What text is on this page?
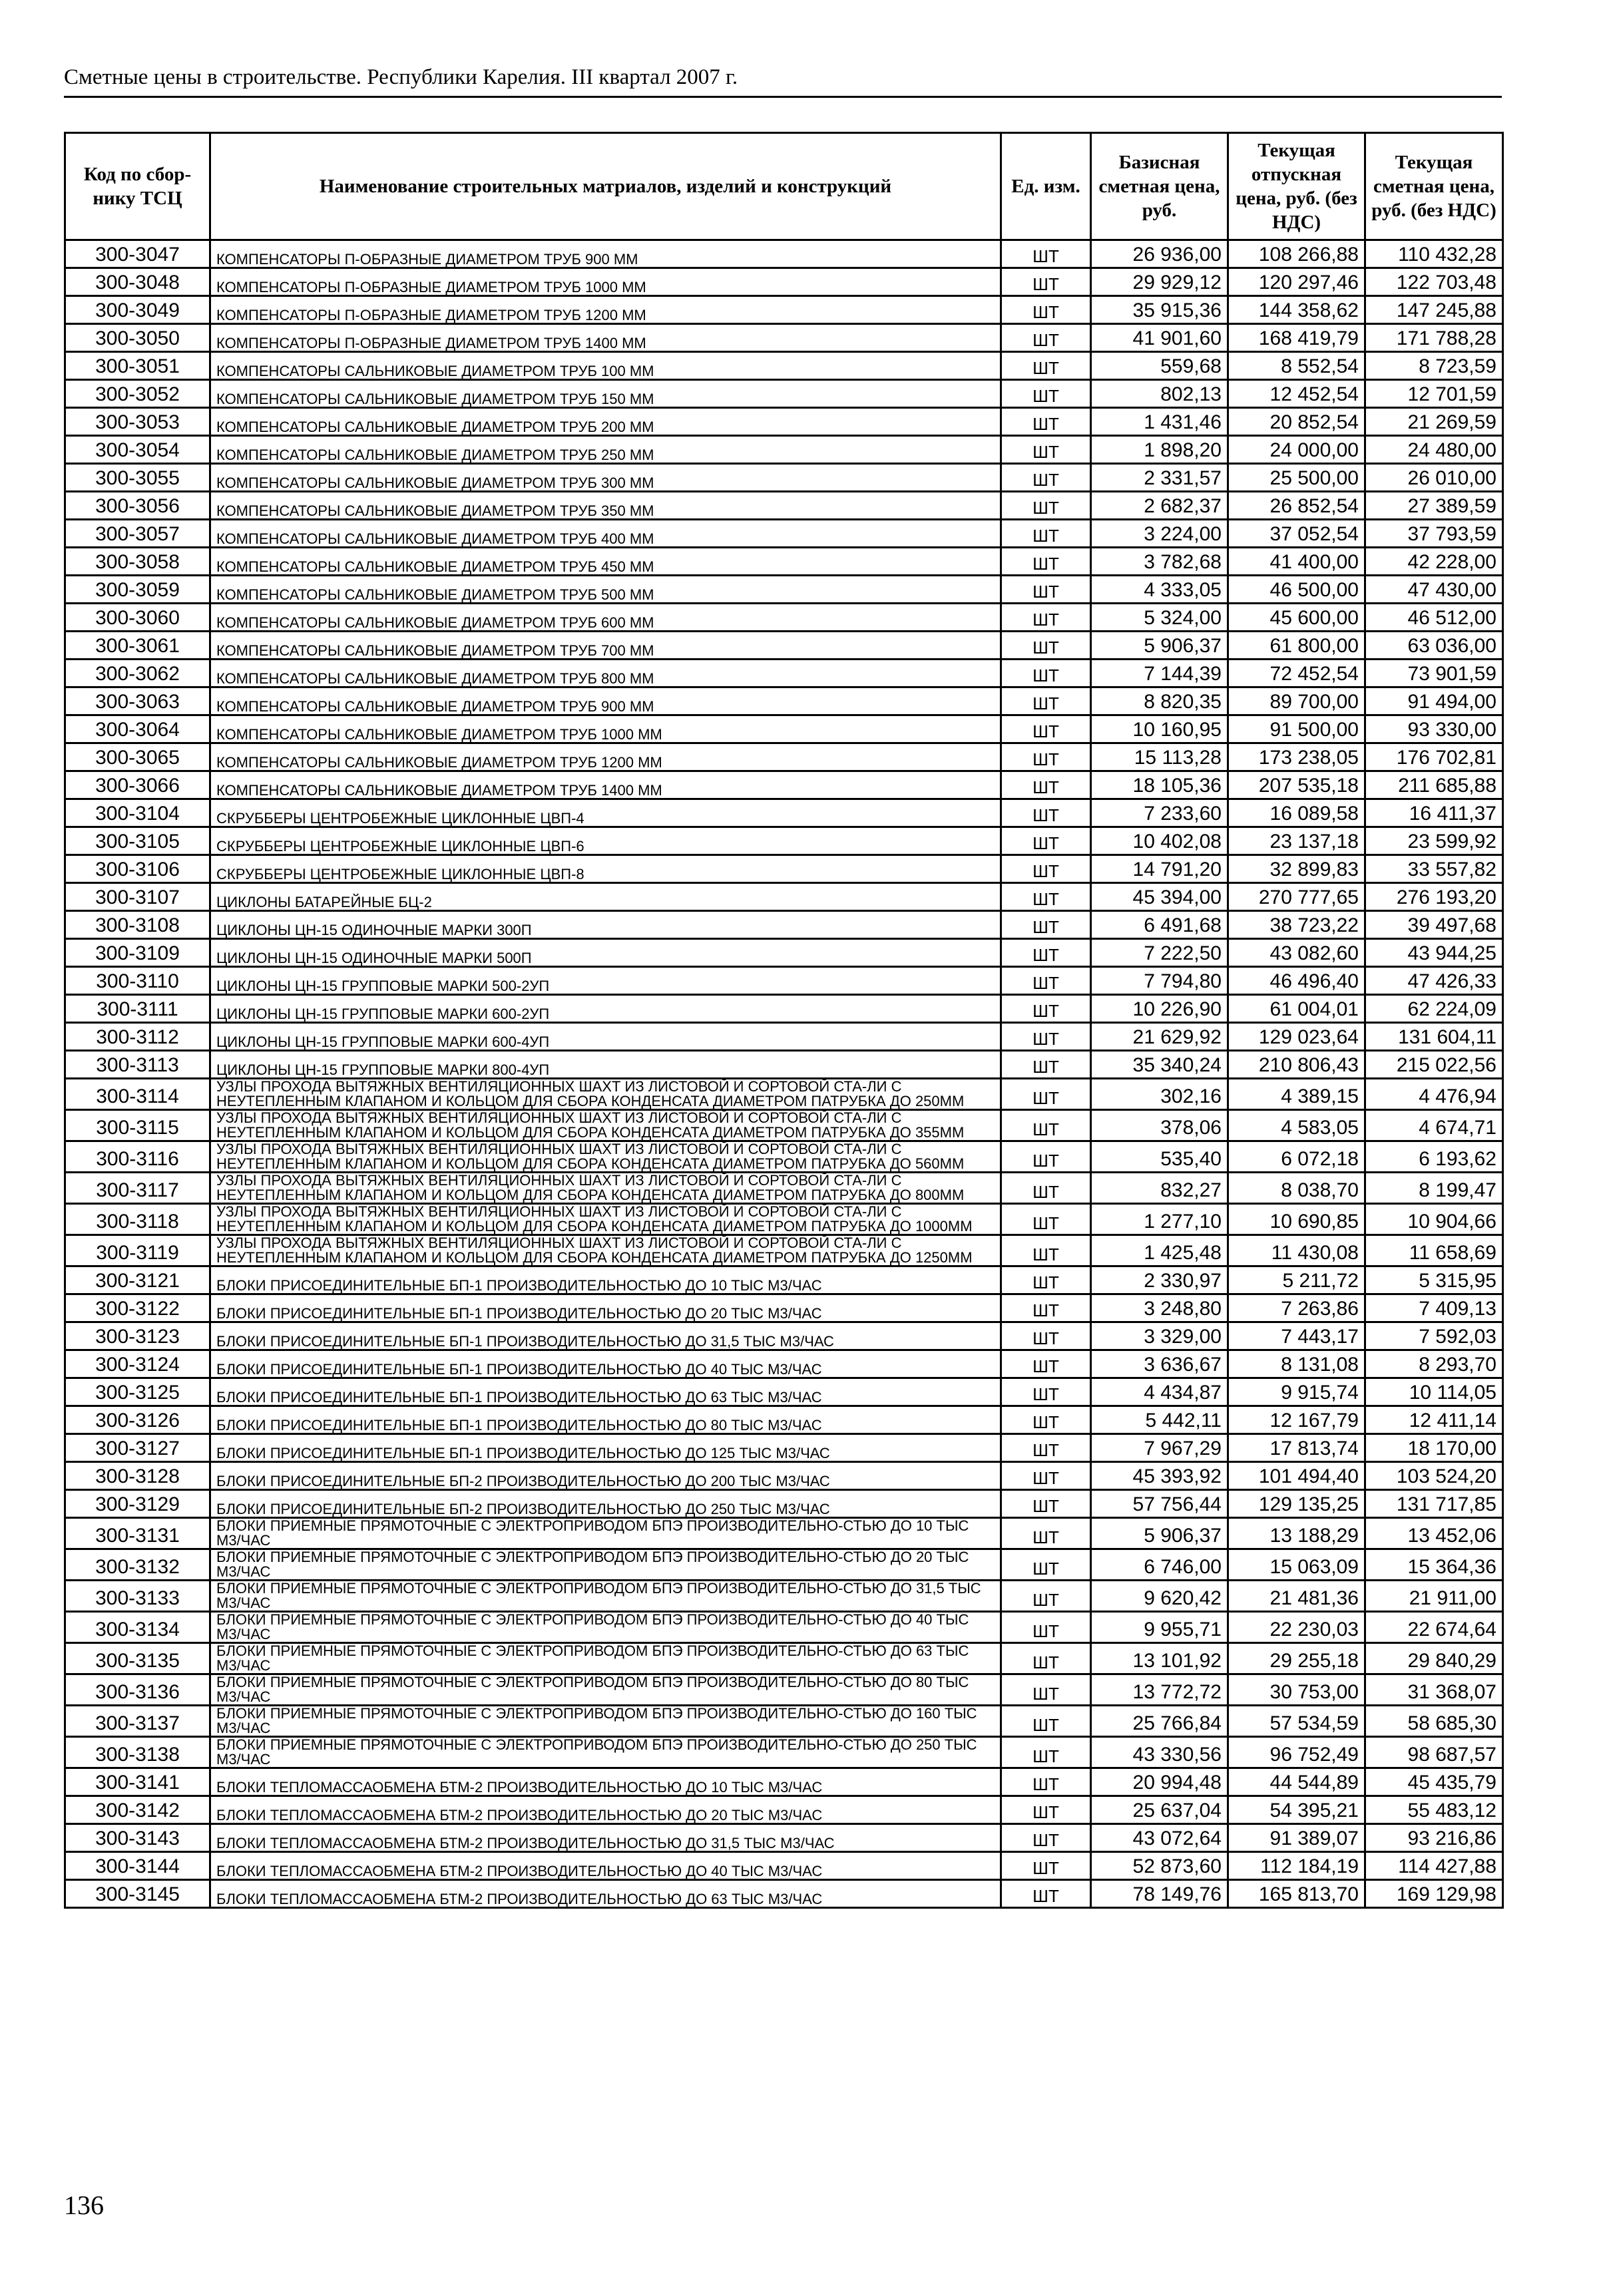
Сметные цены в строительстве. Республики Карелия. III квартал 2007 г.
Код по сбор-нику ТСЦ	Наименование строительных матриалов, изделий и конструкций	Ед. изм.	Базисная сметная цена, руб.	Текущая отпускная цена, руб. (без НДС)	Текущая сметная цена, руб. (без НДС)
300-3047	КОМПЕНСАТОРЫ П-ОБРАЗНЫЕ ДИАМЕТРОМ ТРУБ 900 ММ	ШТ	26 936,00	108 266,88	110 432,28
300-3048	КОМПЕНСАТОРЫ П-ОБРАЗНЫЕ ДИАМЕТРОМ ТРУБ 1000 ММ	ШТ	29 929,12	120 297,46	122 703,48
300-3049	КОМПЕНСАТОРЫ П-ОБРАЗНЫЕ ДИАМЕТРОМ ТРУБ 1200 ММ	ШТ	35 915,36	144 358,62	147 245,88
300-3050	КОМПЕНСАТОРЫ П-ОБРАЗНЫЕ ДИАМЕТРОМ ТРУБ 1400 ММ	ШТ	41 901,60	168 419,79	171 788,28
300-3051	КОМПЕНСАТОРЫ САЛЬНИКОВЫЕ ДИАМЕТРОМ ТРУБ 100 ММ	ШТ	559,68	8 552,54	8 723,59
300-3052	КОМПЕНСАТОРЫ САЛЬНИКОВЫЕ ДИАМЕТРОМ ТРУБ 150 ММ	ШТ	802,13	12 452,54	12 701,59
300-3053	КОМПЕНСАТОРЫ САЛЬНИКОВЫЕ ДИАМЕТРОМ ТРУБ 200 ММ	ШТ	1 431,46	20 852,54	21 269,59
300-3054	КОМПЕНСАТОРЫ САЛЬНИКОВЫЕ ДИАМЕТРОМ ТРУБ 250 ММ	ШТ	1 898,20	24 000,00	24 480,00
300-3055	КОМПЕНСАТОРЫ САЛЬНИКОВЫЕ ДИАМЕТРОМ ТРУБ 300 ММ	ШТ	2 331,57	25 500,00	26 010,00
300-3056	КОМПЕНСАТОРЫ САЛЬНИКОВЫЕ ДИАМЕТРОМ ТРУБ 350 ММ	ШТ	2 682,37	26 852,54	27 389,59
300-3057	КОМПЕНСАТОРЫ САЛЬНИКОВЫЕ ДИАМЕТРОМ ТРУБ 400 ММ	ШТ	3 224,00	37 052,54	37 793,59
300-3058	КОМПЕНСАТОРЫ САЛЬНИКОВЫЕ ДИАМЕТРОМ ТРУБ 450 ММ	ШТ	3 782,68	41 400,00	42 228,00
300-3059	КОМПЕНСАТОРЫ САЛЬНИКОВЫЕ ДИАМЕТРОМ ТРУБ 500 ММ	ШТ	4 333,05	46 500,00	47 430,00
300-3060	КОМПЕНСАТОРЫ САЛЬНИКОВЫЕ ДИАМЕТРОМ ТРУБ 600 ММ	ШТ	5 324,00	45 600,00	46 512,00
300-3061	КОМПЕНСАТОРЫ САЛЬНИКОВЫЕ ДИАМЕТРОМ ТРУБ 700 ММ	ШТ	5 906,37	61 800,00	63 036,00
300-3062	КОМПЕНСАТОРЫ САЛЬНИКОВЫЕ ДИАМЕТРОМ ТРУБ 800 ММ	ШТ	7 144,39	72 452,54	73 901,59
300-3063	КОМПЕНСАТОРЫ САЛЬНИКОВЫЕ ДИАМЕТРОМ ТРУБ 900 ММ	ШТ	8 820,35	89 700,00	91 494,00
300-3064	КОМПЕНСАТОРЫ САЛЬНИКОВЫЕ ДИАМЕТРОМ ТРУБ 1000 ММ	ШТ	10 160,95	91 500,00	93 330,00
300-3065	КОМПЕНСАТОРЫ САЛЬНИКОВЫЕ ДИАМЕТРОМ ТРУБ 1200 ММ	ШТ	15 113,28	173 238,05	176 702,81
300-3066	КОМПЕНСАТОРЫ САЛЬНИКОВЫЕ ДИАМЕТРОМ ТРУБ 1400 ММ	ШТ	18 105,36	207 535,18	211 685,88
300-3104	СКРУББЕРЫ ЦЕНТРОБЕЖНЫЕ ЦИКЛОННЫЕ ЦВП-4	ШТ	7 233,60	16 089,58	16 411,37
300-3105	СКРУББЕРЫ ЦЕНТРОБЕЖНЫЕ ЦИКЛОННЫЕ ЦВП-6	ШТ	10 402,08	23 137,18	23 599,92
300-3106	СКРУББЕРЫ ЦЕНТРОБЕЖНЫЕ ЦИКЛОННЫЕ ЦВП-8	ШТ	14 791,20	32 899,83	33 557,82
300-3107	ЦИКЛОНЫ БАТАРЕЙНЫЕ БЦ-2	ШТ	45 394,00	270 777,65	276 193,20
300-3108	ЦИКЛОНЫ ЦН-15 ОДИНОЧНЫЕ МАРКИ 300П	ШТ	6 491,68	38 723,22	39 497,68
300-3109	ЦИКЛОНЫ ЦН-15 ОДИНОЧНЫЕ МАРКИ 500П	ШТ	7 222,50	43 082,60	43 944,25
300-3110	ЦИКЛОНЫ ЦН-15 ГРУППОВЫЕ МАРКИ 500-2УП	ШТ	7 794,80	46 496,40	47 426,33
300-3111	ЦИКЛОНЫ ЦН-15 ГРУППОВЫЕ МАРКИ 600-2УП	ШТ	10 226,90	61 004,01	62 224,09
300-3112	ЦИКЛОНЫ ЦН-15 ГРУППОВЫЕ МАРКИ 600-4УП	ШТ	21 629,92	129 023,64	131 604,11
300-3113	ЦИКЛОНЫ ЦН-15 ГРУППОВЫЕ МАРКИ 800-4УП	ШТ	35 340,24	210 806,43	215 022,56
300-3114	УЗЛЫ ПРОХОДА ВЫТЯЖНЫХ ВЕНТИЛЯЦИОННЫХ ШАХТ ИЗ ЛИСТОВОЙ И СОРТОВОЙ СТА-ЛИ С НЕУТЕПЛЕННЫМ КЛАПАНОМ И КОЛЬЦОМ ДЛЯ СБОРА КОНДЕНСАТА ДИАМЕТРОМ ПАТРУБКА ДО 250ММ	ШТ	302,16	4 389,15	4 476,94
300-3115	УЗЛЫ ПРОХОДА ВЫТЯЖНЫХ ВЕНТИЛЯЦИОННЫХ ШАХТ ИЗ ЛИСТОВОЙ И СОРТОВОЙ СТА-ЛИ С НЕУТЕПЛЕННЫМ КЛАПАНОМ И КОЛЬЦОМ ДЛЯ СБОРА КОНДЕНСАТА ДИАМЕТРОМ ПАТРУБКА ДО 355ММ	ШТ	378,06	4 583,05	4 674,71
300-3116	УЗЛЫ ПРОХОДА ВЫТЯЖНЫХ ВЕНТИЛЯЦИОННЫХ ШАХТ ИЗ ЛИСТОВОЙ И СОРТОВОЙ СТА-ЛИ С НЕУТЕПЛЕННЫМ КЛАПАНОМ И КОЛЬЦОМ ДЛЯ СБОРА КОНДЕНСАТА ДИАМЕТРОМ ПАТРУБКА ДО 560ММ	ШТ	535,40	6 072,18	6 193,62
300-3117	УЗЛЫ ПРОХОДА ВЫТЯЖНЫХ ВЕНТИЛЯЦИОННЫХ ШАХТ ИЗ ЛИСТОВОЙ И СОРТОВОЙ СТА-ЛИ С НЕУТЕПЛЕННЫМ КЛАПАНОМ И КОЛЬЦОМ ДЛЯ СБОРА КОНДЕНСАТА ДИАМЕТРОМ ПАТРУБКА ДО 800ММ	ШТ	832,27	8 038,70	8 199,47
300-3118	УЗЛЫ ПРОХОДА ВЫТЯЖНЫХ ВЕНТИЛЯЦИОННЫХ ШАХТ ИЗ ЛИСТОВОЙ И СОРТОВОЙ СТА-ЛИ С НЕУТЕПЛЕННЫМ КЛАПАНОМ И КОЛЬЦОМ ДЛЯ СБОРА КОНДЕНСАТА ДИАМЕТРОМ ПАТРУБКА ДО 1000ММ	ШТ	1 277,10	10 690,85	10 904,66
300-3119	УЗЛЫ ПРОХОДА ВЫТЯЖНЫХ ВЕНТИЛЯЦИОННЫХ ШАХТ ИЗ ЛИСТОВОЙ И СОРТОВОЙ СТА-ЛИ С НЕУТЕПЛЕННЫМ КЛАПАНОМ И КОЛЬЦОМ ДЛЯ СБОРА КОНДЕНСАТА ДИАМЕТРОМ ПАТРУБКА ДО 1250ММ	ШТ	1 425,48	11 430,08	11 658,69
300-3121	БЛОКИ ПРИСОЕДИНИТЕЛЬНЫЕ БП-1 ПРОИЗВОДИТЕЛЬНОСТЬЮ ДО 10 ТЫС М3/ЧАС	ШТ	2 330,97	5 211,72	5 315,95
300-3122	БЛОКИ ПРИСОЕДИНИТЕЛЬНЫЕ БП-1 ПРОИЗВОДИТЕЛЬНОСТЬЮ ДО 20 ТЫС М3/ЧАС	ШТ	3 248,80	7 263,86	7 409,13
300-3123	БЛОКИ ПРИСОЕДИНИТЕЛЬНЫЕ БП-1 ПРОИЗВОДИТЕЛЬНОСТЬЮ ДО 31,5 ТЫС М3/ЧАС	ШТ	3 329,00	7 443,17	7 592,03
300-3124	БЛОКИ ПРИСОЕДИНИТЕЛЬНЫЕ БП-1 ПРОИЗВОДИТЕЛЬНОСТЬЮ ДО 40 ТЫС М3/ЧАС	ШТ	3 636,67	8 131,08	8 293,70
300-3125	БЛОКИ ПРИСОЕДИНИТЕЛЬНЫЕ БП-1 ПРОИЗВОДИТЕЛЬНОСТЬЮ ДО 63 ТЫС М3/ЧАС	ШТ	4 434,87	9 915,74	10 114,05
300-3126	БЛОКИ ПРИСОЕДИНИТЕЛЬНЫЕ БП-1 ПРОИЗВОДИТЕЛЬНОСТЬЮ ДО 80 ТЫС М3/ЧАС	ШТ	5 442,11	12 167,79	12 411,14
300-3127	БЛОКИ ПРИСОЕДИНИТЕЛЬНЫЕ БП-1 ПРОИЗВОДИТЕЛЬНОСТЬЮ ДО 125 ТЫС М3/ЧАС	ШТ	7 967,29	17 813,74	18 170,00
300-3128	БЛОКИ ПРИСОЕДИНИТЕЛЬНЫЕ БП-2 ПРОИЗВОДИТЕЛЬНОСТЬЮ ДО 200 ТЫС М3/ЧАС	ШТ	45 393,92	101 494,40	103 524,20
300-3129	БЛОКИ ПРИСОЕДИНИТЕЛЬНЫЕ БП-2 ПРОИЗВОДИТЕЛЬНОСТЬЮ ДО 250 ТЫС М3/ЧАС	ШТ	57 756,44	129 135,25	131 717,85
300-3131	БЛОКИ ПРИЕМНЫЕ ПРЯМОТОЧНЫЕ С ЭЛЕКТРОПРИВОДОМ БПЭ ПРОИЗВОДИТЕЛЬНО-СТЬЮ ДО 10 ТЫС М3/ЧАС	ШТ	5 906,37	13 188,29	13 452,06
300-3132	БЛОКИ ПРИЕМНЫЕ ПРЯМОТОЧНЫЕ С ЭЛЕКТРОПРИВОДОМ БПЭ ПРОИЗВОДИТЕЛЬНО-СТЬЮ ДО 20 ТЫС М3/ЧАС	ШТ	6 746,00	15 063,09	15 364,36
300-3133	БЛОКИ ПРИЕМНЫЕ ПРЯМОТОЧНЫЕ С ЭЛЕКТРОПРИВОДОМ БПЭ ПРОИЗВОДИТЕЛЬНО-СТЬЮ ДО 31,5 ТЫС М3/ЧАС	ШТ	9 620,42	21 481,36	21 911,00
300-3134	БЛОКИ ПРИЕМНЫЕ ПРЯМОТОЧНЫЕ С ЭЛЕКТРОПРИВОДОМ БПЭ ПРОИЗВОДИТЕЛЬНО-СТЬЮ ДО 40 ТЫС М3/ЧАС	ШТ	9 955,71	22 230,03	22 674,64
300-3135	БЛОКИ ПРИЕМНЫЕ ПРЯМОТОЧНЫЕ С ЭЛЕКТРОПРИВОДОМ БПЭ ПРОИЗВОДИТЕЛЬНО-СТЬЮ ДО 63 ТЫС М3/ЧАС	ШТ	13 101,92	29 255,18	29 840,29
300-3136	БЛОКИ ПРИЕМНЫЕ ПРЯМОТОЧНЫЕ С ЭЛЕКТРОПРИВОДОМ БПЭ ПРОИЗВОДИТЕЛЬНО-СТЬЮ ДО 80 ТЫС М3/ЧАС	ШТ	13 772,72	30 753,00	31 368,07
300-3137	БЛОКИ ПРИЕМНЫЕ ПРЯМОТОЧНЫЕ С ЭЛЕКТРОПРИВОДОМ БПЭ ПРОИЗВОДИТЕЛЬНО-СТЬЮ ДО 160 ТЫС М3/ЧАС	ШТ	25 766,84	57 534,59	58 685,30
300-3138	БЛОКИ ПРИЕМНЫЕ ПРЯМОТОЧНЫЕ С ЭЛЕКТРОПРИВОДОМ БПЭ ПРОИЗВОДИТЕЛЬНО-СТЬЮ ДО 250 ТЫС М3/ЧАС	ШТ	43 330,56	96 752,49	98 687,57
300-3141	БЛОКИ ТЕПЛОМАССАОБМЕНА БТМ-2 ПРОИЗВОДИТЕЛЬНОСТЬЮ ДО 10 ТЫС М3/ЧАС	ШТ	20 994,48	44 544,89	45 435,79
300-3142	БЛОКИ ТЕПЛОМАССАОБМЕНА БТМ-2 ПРОИЗВОДИТЕЛЬНОСТЬЮ ДО 20 ТЫС М3/ЧАС	ШТ	25 637,04	54 395,21	55 483,12
300-3143	БЛОКИ ТЕПЛОМАССАОБМЕНА БТМ-2 ПРОИЗВОДИТЕЛЬНОСТЬЮ ДО 31,5 ТЫС М3/ЧАС	ШТ	43 072,64	91 389,07	93 216,86
300-3144	БЛОКИ ТЕПЛОМАССАОБМЕНА БТМ-2 ПРОИЗВОДИТЕЛЬНОСТЬЮ ДО 40 ТЫС М3/ЧАС	ШТ	52 873,60	112 184,19	114 427,88
300-3145	БЛОКИ ТЕПЛОМАССАОБМЕНА БТМ-2 ПРОИЗВОДИТЕЛЬНОСТЬЮ ДО 63 ТЫС М3/ЧАС	ШТ	78 149,76	165 813,70	169 129,98
136
